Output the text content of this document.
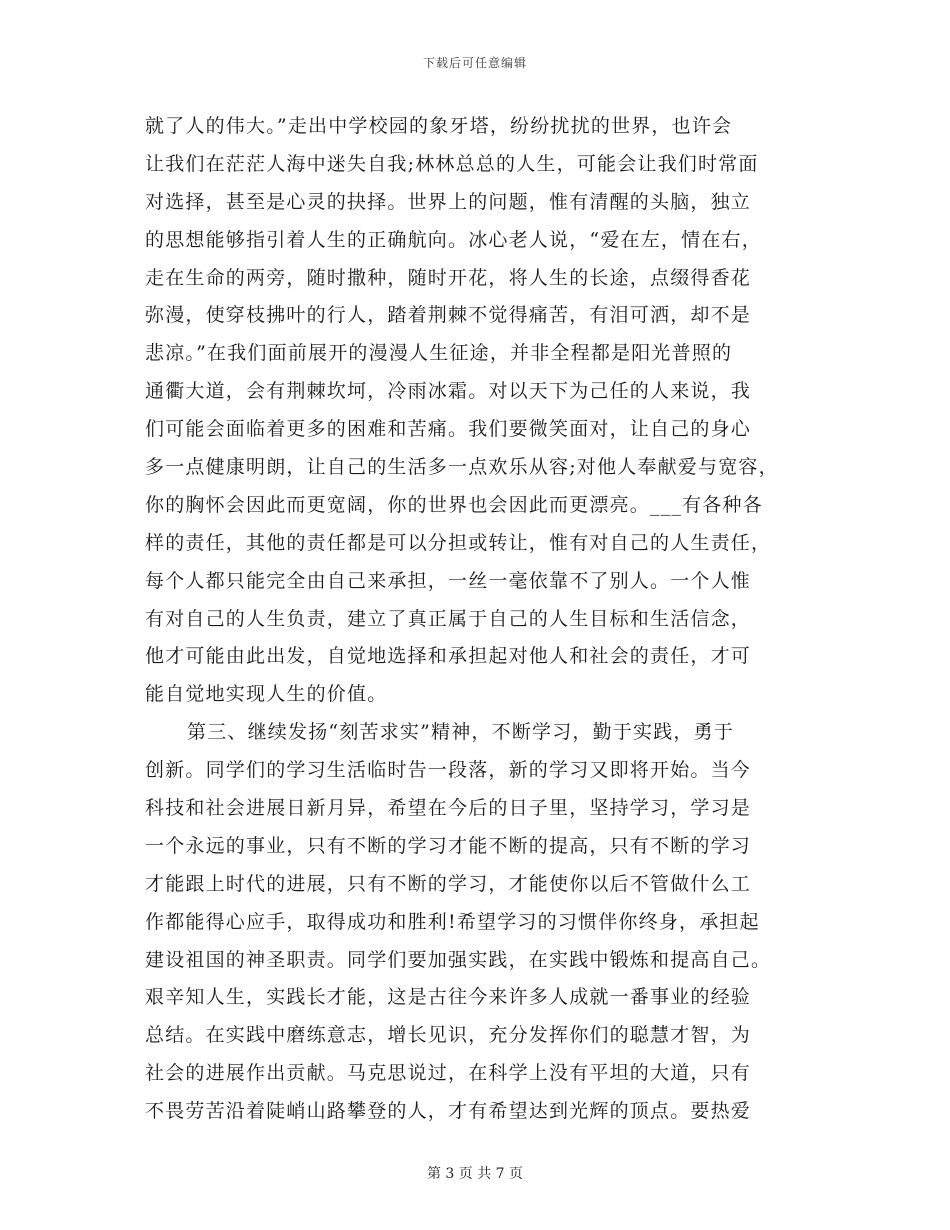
下载后可任意编辑
就了人的伟大。”走出中学校园的象牙塔，纷纷扰扰的世界，也许会
让我们在茫茫人海中迷失自我;林林总总的人生，可能会让我们时常面
对选择，甚至是心灵的抉择。世界上的问题，惟有清醒的头脑，独立
的思想能够指引着人生的正确航向。冰心老人说，“爱在左，情在右，
走在生命的两旁，随时撒种，随时开花，将人生的长途，点缀得香花
弥漫，使穿枝拂叶的行人，踏着荆棘不觉得痛苦，有泪可洒，却不是
悲凉。”在我们面前展开的漫漫人生征途，并非全程都是阳光普照的
通衢大道，会有荆棘坎坷，冷雨冰霜。对以天下为己任的人来说，我
们可能会面临着更多的困难和苦痛。我们要微笑面对，让自己的身心
多一点健康明朗，让自己的生活多一点欢乐从容;对他人奉献爱与宽容，
你的胸怀会因此而更宽阔，你的世界也会因此而更漂亮。___有各种各
样的责任，其他的责任都是可以分担或转让，惟有对自己的人生责任，
每个人都只能完全由自己来承担，一丝一毫依靠不了别人。一个人惟
有对自己的人生负责，建立了真正属于自己的人生目标和生活信念，
他才可能由此出发，自觉地选择和承担起对他人和社会的责任，才可
能自觉地实现人生的价值。
第三、继续发扬“刻苦求实”精神，不断学习，勤于实践，勇于
创新。同学们的学习生活临时告一段落，新的学习又即将开始。当今
科技和社会进展日新月异，希望在今后的日子里，坚持学习，学习是
一个永远的事业，只有不断的学习才能不断的提高，只有不断的学习
才能跟上时代的进展，只有不断的学习，才能使你以后不管做什么工
作都能得心应手，取得成功和胜利!希望学习的习惯伴你终身，承担起
建设祖国的神圣职责。同学们要加强实践，在实践中锻炼和提高自己。
艰辛知人生，实践长才能，这是古往今来许多人成就一番事业的经验
总结。在实践中磨练意志，增长见识，充分发挥你们的聪慧才智，为
社会的进展作出贡献。马克思说过，在科学上没有平坦的大道，只有
不畏劳苦沿着陡峭山路攀登的人，才有希望达到光辉的顶点。要热爱
第 3 页 共 7 页
